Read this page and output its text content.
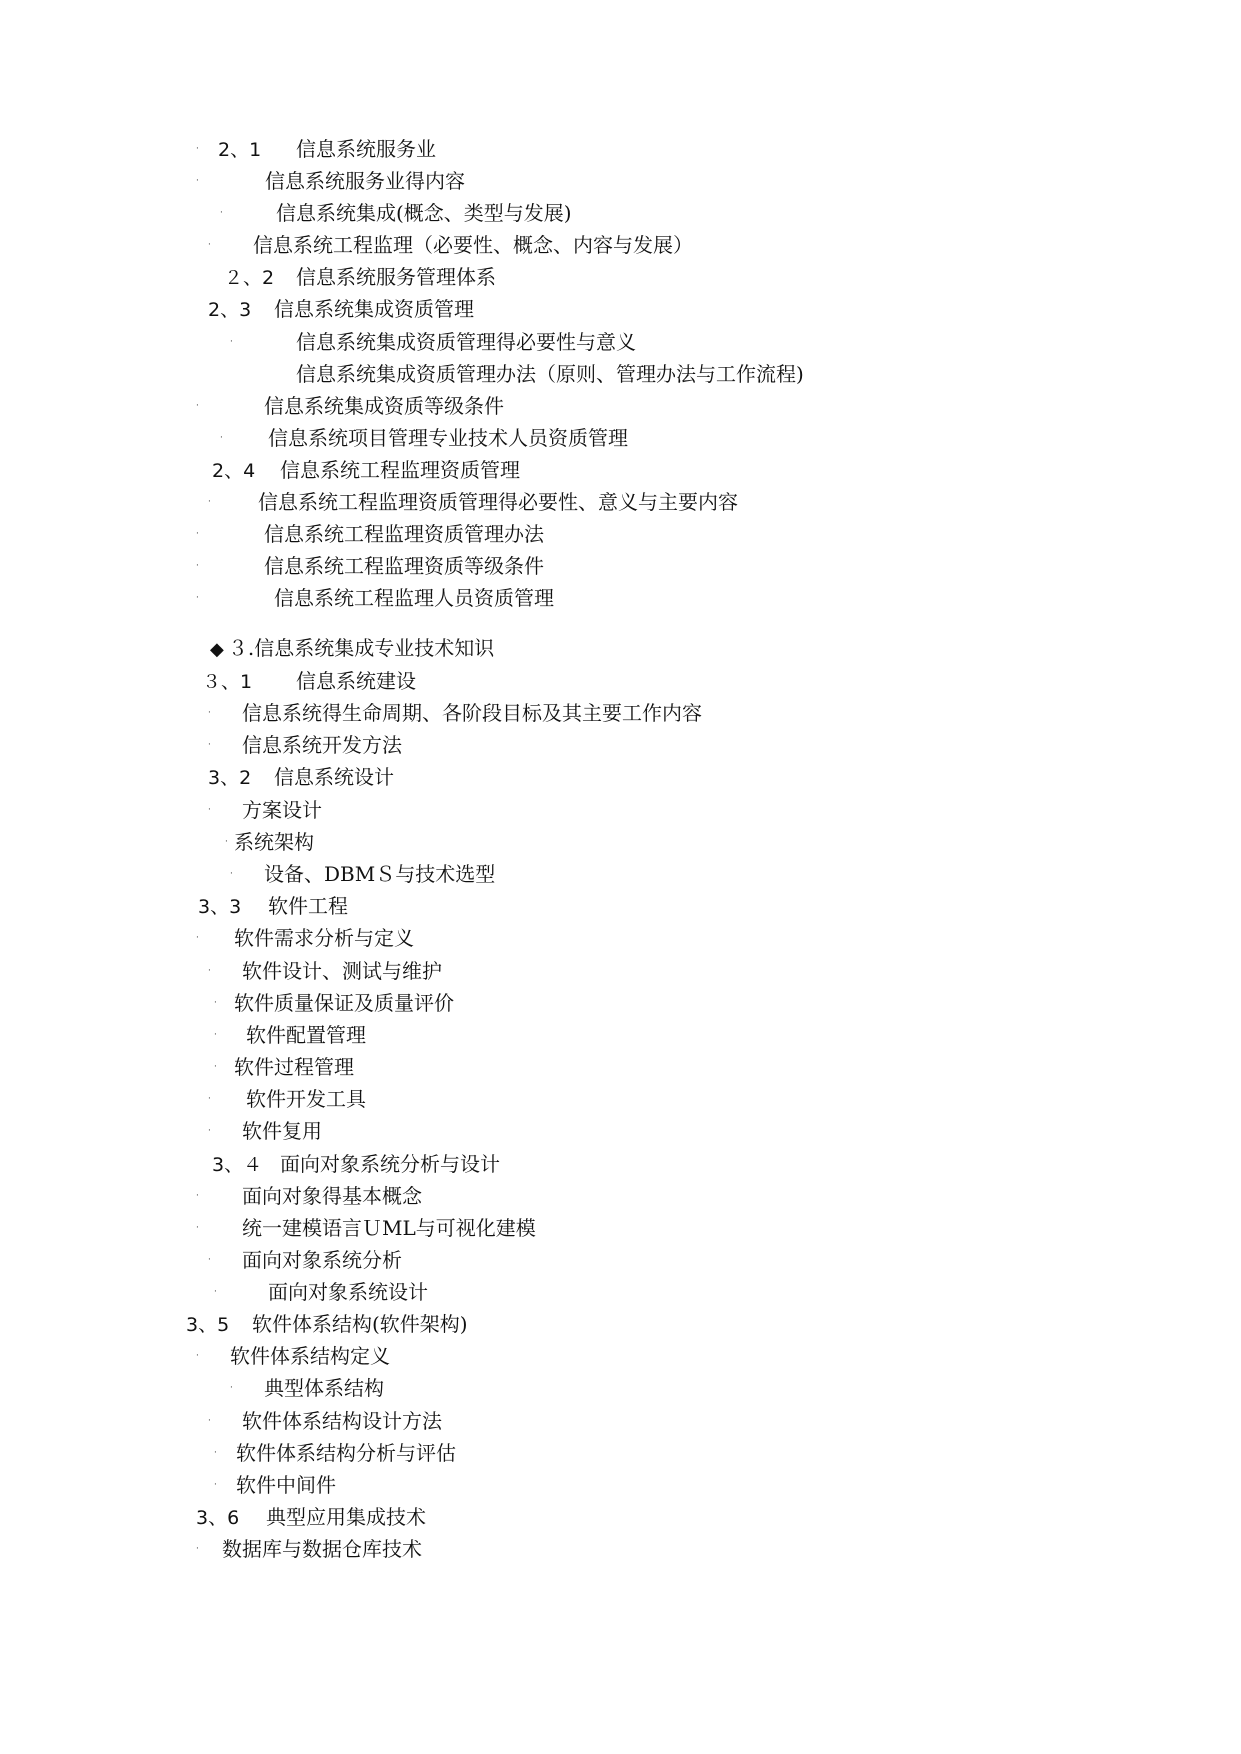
2、1 信息系统服务业
·
信息系统服务业得内容
·
信息系统集成(概念、类型与发展)
·
信息系统工程监理（必要性、概念、内容与发展）
·
２、2 信息系统服务管理体系
2、3 信息系统集成资质管理
信息系统集成资质管理得必要性与意义
·
信息系统集成资质管理办法（原则、管理办法与工作流程)
信息系统集成资质等级条件
·
信息系统项目管理专业技术人员资质管理
·
2、4 信息系统工程监理资质管理
信息系统工程监理资质管理得必要性、意义与主要内容
·
信息系统工程监理资质管理办法
·
信息系统工程监理资质等级条件
·
信息系统工程监理人员资质管理
·
◆ ３.信息系统集成专业技术知识
３、1 信息系统建设
信息系统得生命周期、各阶段目标及其主要工作内容
·
信息系统开发方法
·
3、2 信息系统设计
方案设计
·
系统架构
·
设备、DBMＳ与技术选型
·
3、3 软件工程
软件需求分析与定义
·
软件设计、测试与维护
·
软件质量保证及质量评价
·
软件配置管理
·
软件过程管理
·
软件开发工具
·
软件复用
·
3、４ 面向对象系统分析与设计
面向对象得基本概念
·
统一建模语言ＵML与可视化建模
·
面向对象系统分析
·
面向对象系统设计
·
3、5 软件体系结构(软件架构)
软件体系结构定义
·
典型体系结构
·
软件体系结构设计方法
·
软件体系结构分析与评估
·
软件中间件
·
3、6 典型应用集成技术
数据库与数据仓库技术
·
